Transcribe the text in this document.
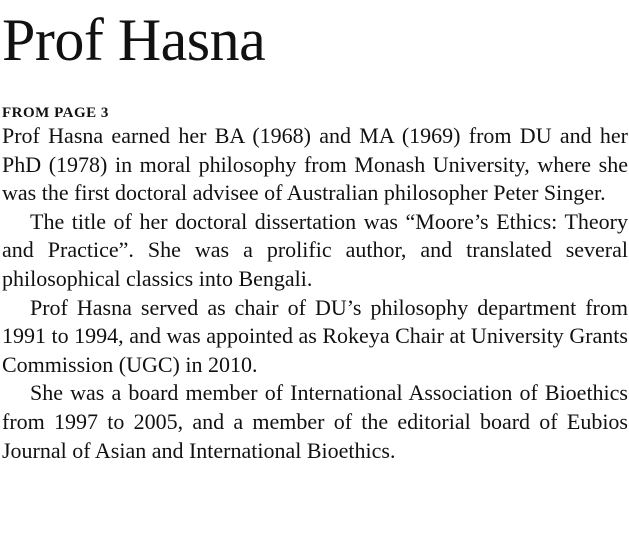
Prof Hasna
FROM PAGE 3

Prof Hasna earned her BA (1968) and MA (1969) from DU and her PhD (1978) in moral philosophy from Monash University, where she was the first doctoral advisee of Australian philosopher Peter Singer.

The title of her doctoral dissertation was “Moore’s Ethics: Theory and Practice”. She was a prolific author, and translated several philosophical classics into Bengali.

Prof Hasna served as chair of DU’s philosophy department from 1991 to 1994, and was appointed as Rokeya Chair at University Grants Commission (UGC) in 2010.

She was a board member of International Association of Bioethics from 1997 to 2005, and a member of the editorial board of Eubios Journal of Asian and International Bioethics.
